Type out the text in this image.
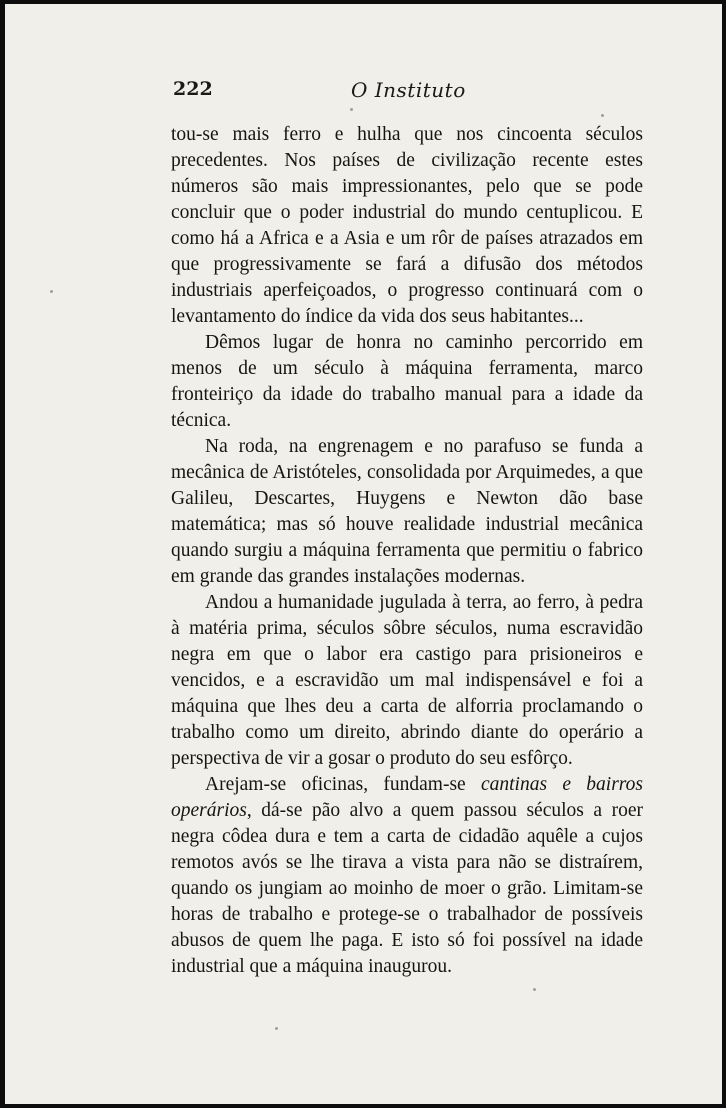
222	O Instituto

tou-se mais ferro e hulha que nos cincoenta séculos precedentes. Nos países de civilização recente estes números são mais impressionantes, pelo que se pode concluir que o poder industrial do mundo centuplicou. E como há a Africa e a Asia e um rôr de países atrazados em que progressivamente se fará a difusão dos métodos industriais aperfeiçoados, o progresso continuará com o levantamento do índice da vida dos seus habitantes...

Dêmos lugar de honra no caminho percorrido em menos de um século à máquina ferramenta, marco fronteiriço da idade do trabalho manual para a idade da técnica.

Na roda, na engrenagem e no parafuso se funda a mecânica de Aristóteles, consolidada por Arquimedes, a que Galileu, Descartes, Huygens e Newton dão base matemática; mas só houve realidade industrial mecânica quando surgiu a máquina ferramenta que permitiu o fabrico em grande das grandes instalações modernas.

Andou a humanidade jugulada à terra, ao ferro, à pedra à matéria prima, séculos sôbre séculos, numa escravidão negra em que o labor era castigo para prisioneiros e vencidos, e a escravidão um mal indispensável e foi a máquina que lhes deu a carta de alforria proclamando o trabalho como um direito, abrindo diante do operário a perspectiva de vir a gosar o produto do seu esfôrço.

Arejam-se oficinas, fundam-se cantinas e bairros operários, dá-se pão alvo a quem passou séculos a roer negra côdea dura e tem a carta de cidadão aquêle a cujos remotos avós se lhe tirava a vista para não se distraírem, quando os jungiam ao moinho de moer o grão. Limitam-se horas de trabalho e protege-se o trabalhador de possíveis abusos de quem lhe paga. E isto só foi possível na idade industrial que a máquina inaugurou.
